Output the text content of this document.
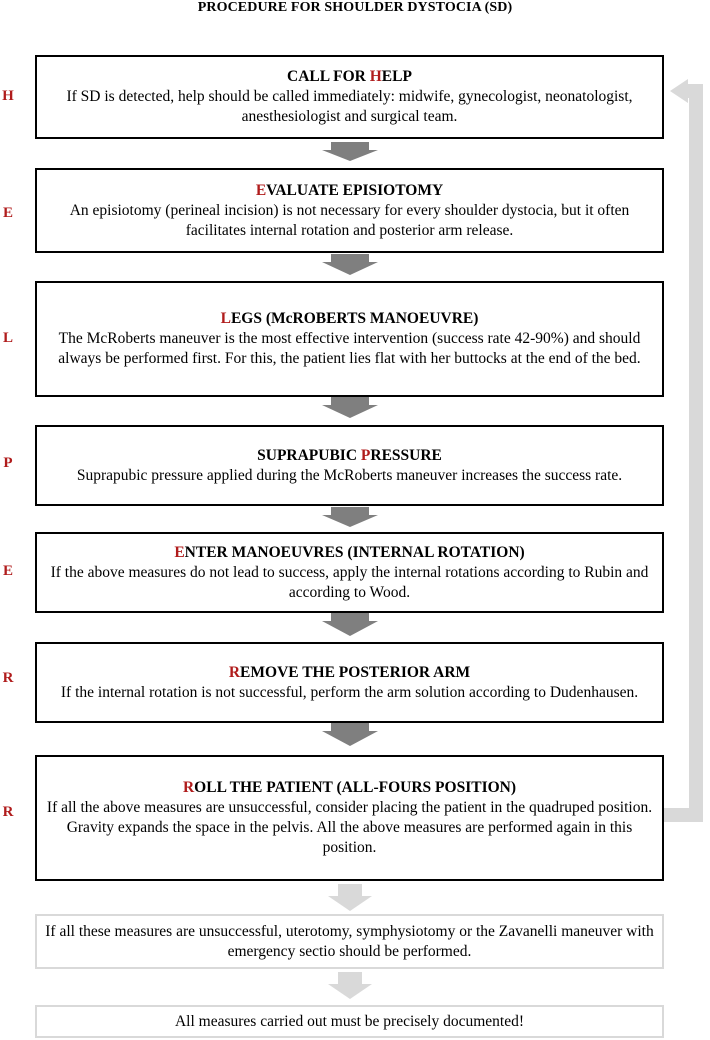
PROCEDURE FOR SHOULDER DYSTOCIA (SD)
CALL FOR HELP
If SD is detected, help should be called immediately: midwife, gynecologist, neonatologist, anesthesiologist and surgical team.
H
EVALUATE EPISIOTOMY
An episiotomy (perineal incision) is not necessary for every shoulder dystocia, but it often facilitates internal rotation and posterior arm release.
E
LEGS (McROBERTS MANOEUVRE)
The McRoberts maneuver is the most effective intervention (success rate 42-90%) and should always be performed first. For this, the patient lies flat with her buttocks at the end of the bed.
L
SUPRAPUBIC PRESSURE
Suprapubic pressure applied during the McRoberts maneuver increases the success rate.
P
ENTER MANOEUVRES (INTERNAL ROTATION)
If the above measures do not lead to success, apply the internal rotations according to Rubin and according to Wood.
E
REMOVE THE POSTERIOR ARM
If the internal rotation is not successful, perform the arm solution according to Dudenhausen.
R
ROLL THE PATIENT (ALL-FOURS POSITION)
If all the above measures are unsuccessful, consider placing the patient in the quadruped position. Gravity expands the space in the pelvis. All the above measures are performed again in this position.
R
If all these measures are unsuccessful, uterotomy, symphysiotomy or the Zavanelli maneuver with emergency sectio should be performed.
All measures carried out must be precisely documented!
